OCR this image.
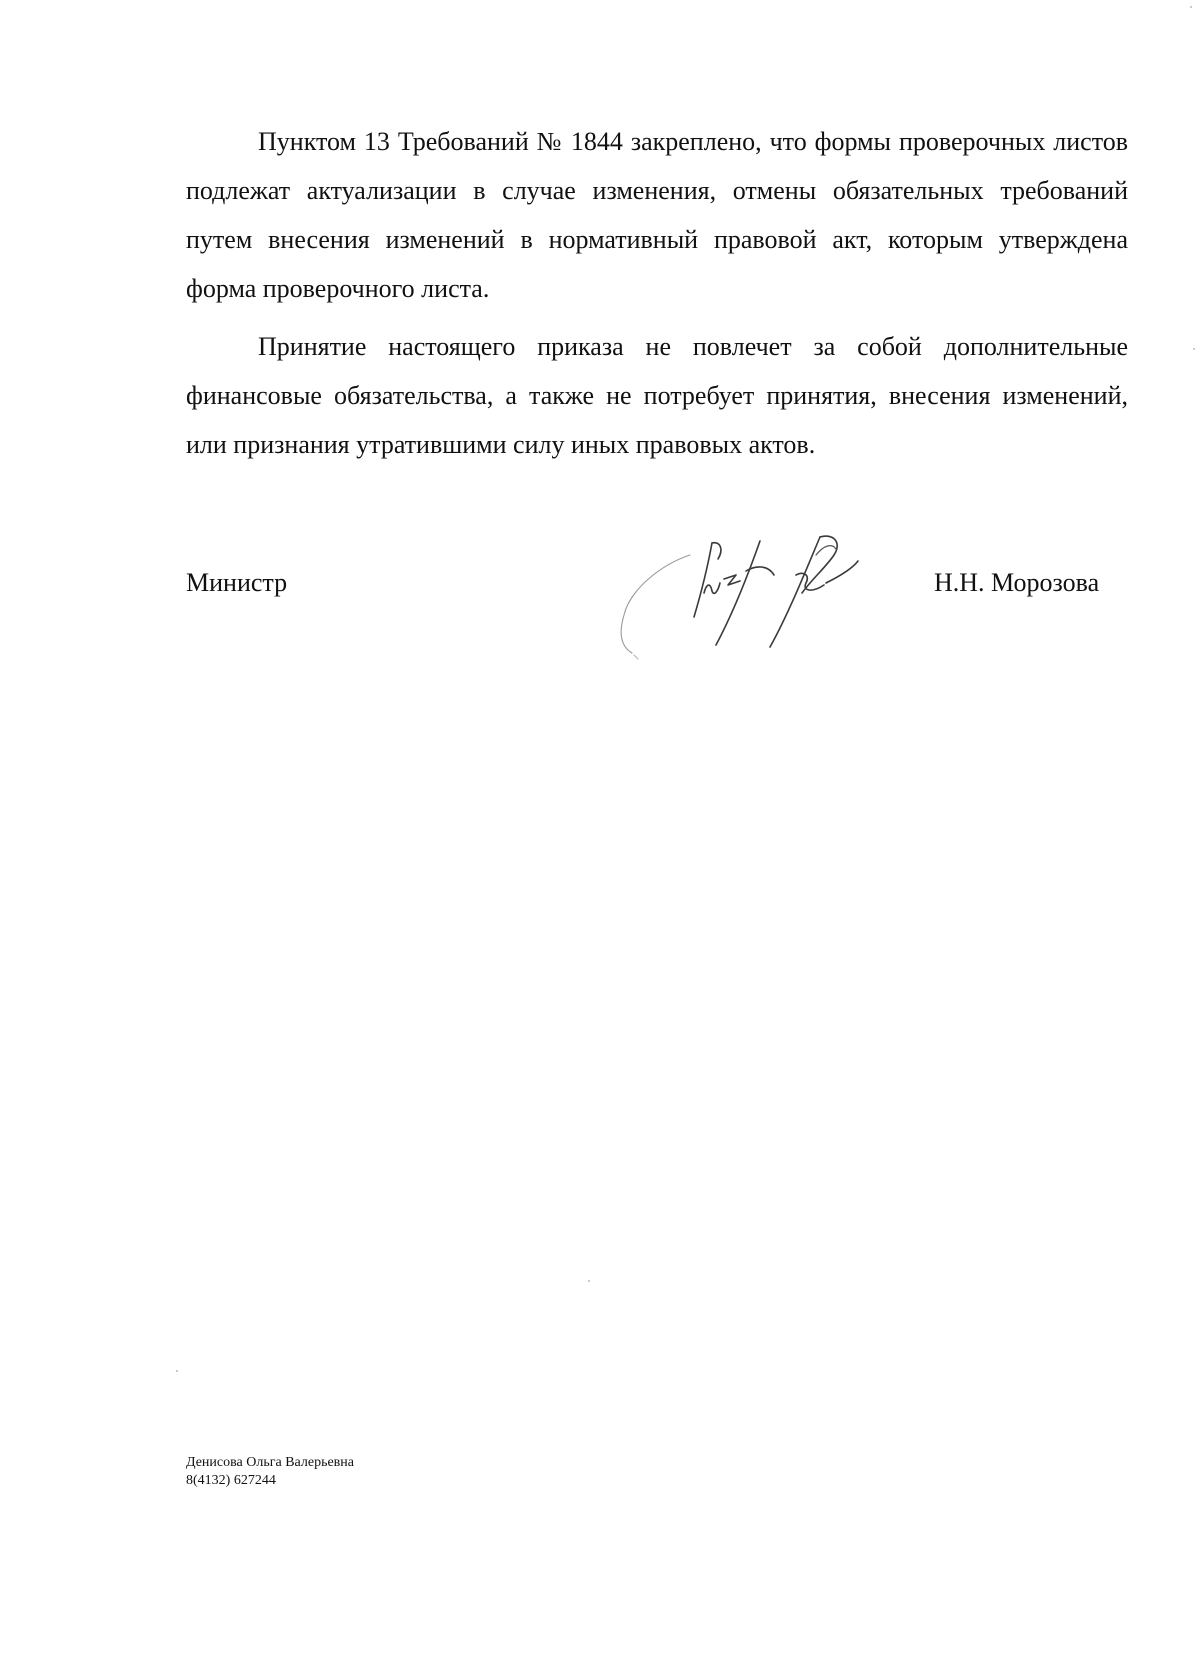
Пунктом 13 Требований № 1844 закреплено, что формы проверочных листов подлежат актуализации в случае изменения, отмены обязательных требований путем внесения изменений в нормативный правовой акт, которым утверждена форма проверочного листа.

Принятие настоящего приказа не повлечет за собой дополнительные финансовые обязательства, а также не потребует принятия, внесения изменений, или признания утратившими силу иных правовых актов.

Министр	Н.Н. Морозова
Денисова Ольга Валерьевна
8(4132) 627244
